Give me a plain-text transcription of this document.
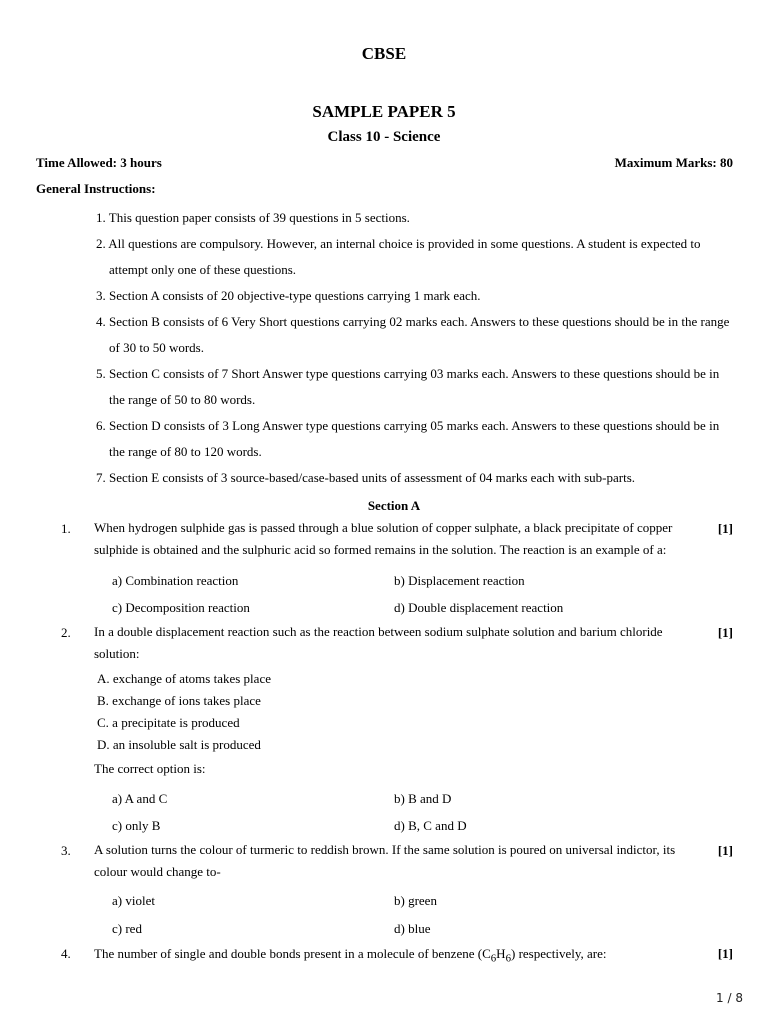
CBSE
SAMPLE PAPER 5
Class 10 - Science
Time Allowed: 3 hours	Maximum Marks: 80
General Instructions:
1. This question paper consists of 39 questions in 5 sections.
2. All questions are compulsory. However, an internal choice is provided in some questions. A student is expected to attempt only one of these questions.
3. Section A consists of 20 objective-type questions carrying 1 mark each.
4. Section B consists of 6 Very Short questions carrying 02 marks each. Answers to these questions should be in the range of 30 to 50 words.
5. Section C consists of 7 Short Answer type questions carrying 03 marks each. Answers to these questions should be in the range of 50 to 80 words.
6. Section D consists of 3 Long Answer type questions carrying 05 marks each. Answers to these questions should be in the range of 80 to 120 words.
7. Section E consists of 3 source-based/case-based units of assessment of 04 marks each with sub-parts.
Section A
1. When hydrogen sulphide gas is passed through a blue solution of copper sulphate, a black precipitate of copper sulphide is obtained and the sulphuric acid so formed remains in the solution. The reaction is an example of a:
[1]
a) Combination reaction	b) Displacement reaction
c) Decomposition reaction	d) Double displacement reaction
2. In a double displacement reaction such as the reaction between sodium sulphate solution and barium chloride solution:
[1]
A. exchange of atoms takes place
B. exchange of ions takes place
C. a precipitate is produced
D. an insoluble salt is produced
The correct option is:
a) A and C	b) B and D
c) only B	d) B, C and D
3. A solution turns the colour of turmeric to reddish brown. If the same solution is poured on universal indictor, its colour would change to-
[1]
a) violet	b) green
c) red	d) blue
4. The number of single and double bonds present in a molecule of benzene $(C_6H_6)$ respectively, are:	[1]
1 / 8
